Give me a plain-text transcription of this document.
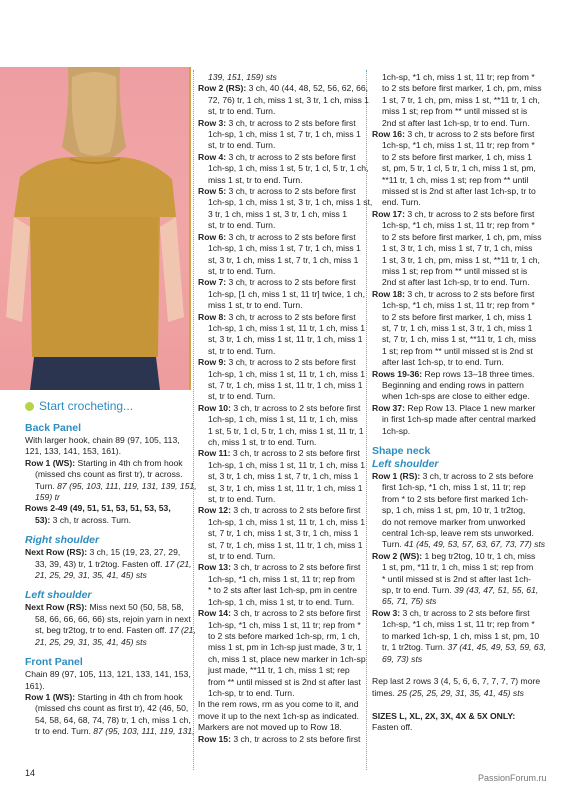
Start crocheting...
Back Panel
With larger hook, chain 89 (97, 105, 113,
121, 133, 141, 153, 161).
Row 1 (WS): Starting in 4th ch from hook
(missed chs count as first tr), tr across.
Turn. 87 (95, 103, 111, 119, 131, 139, 151,
159) tr
Rows 2-49 (49, 51, 51, 53, 51, 53, 53,
53): 3 ch, tr across. Turn.
Right shoulder
Next Row (RS): 3 ch, 15 (19, 23, 27, 29,
33, 39, 43) tr, 1 tr2tog. Fasten off. 17 (21,
21, 25, 29, 31, 35, 41, 45) sts
Left shoulder
Next Row (RS): Miss next 50 (50, 58, 58,
58, 66, 66, 66, 66) sts, rejoin yarn in next
st, beg tr2tog, tr to end. Fasten off. 17 (21,
21, 25, 29, 31, 35, 41, 45) sts
Front Panel
Chain 89 (97, 105, 113, 121, 133, 141, 153,
161).
Row 1 (WS): Starting in 4th ch from hook
(missed chs count as first tr), 42 (46, 50,
54, 58, 64, 68, 74, 78) tr, 1 ch, miss 1 ch,
tr to end. Turn. 87 (95, 103, 111, 119, 131,
139, 151, 159) sts
Row 2 (RS): 3 ch, 40 (44, 48, 52, 56, 62, 66,
72, 76) tr, 1 ch, miss 1 st, 3 tr, 1 ch, miss 1
st, tr to end. Turn.
Row 3: 3 ch, tr across to 2 sts before first
1ch-sp, 1 ch, miss 1 st, 7 tr, 1 ch, miss 1
st, tr to end. Turn.
Row 4: 3 ch, tr across to 2 sts before first
1ch-sp, 1 ch, miss 1 st, 5 tr, 1 cl, 5 tr, 1 ch,
miss 1 st, tr to end. Turn.
Row 5: 3 ch, tr across to 2 sts before first
1ch-sp, 1 ch, miss 1 st, 3 tr, 1 ch, miss 1 st,
3 tr, 1 ch, miss 1 st, 3 tr, 1 ch, miss 1
st, tr to end. Turn.
Row 6: 3 ch, tr across to 2 sts before first
1ch-sp, 1 ch, miss 1 st, 7 tr, 1 ch, miss 1
st, 3 tr, 1 ch, miss 1 st, 7 tr, 1 ch, miss 1
st, tr to end. Turn.
Row 7: 3 ch, tr across to 2 sts before first
1ch-sp, [1 ch, miss 1 st, 11 tr] twice, 1 ch,
miss 1 st, tr to end. Turn.
Row 8: 3 ch, tr across to 2 sts before first
1ch-sp, 1 ch, miss 1 st, 11 tr, 1 ch, miss 1
st, 3 tr, 1 ch, miss 1 st, 11 tr, 1 ch, miss 1
st, tr to end. Turn.
Row 9: 3 ch, tr across to 2 sts before first
1ch-sp, 1 ch, miss 1 st, 11 tr, 1 ch, miss 1
st, 7 tr, 1 ch, miss 1 st, 11 tr, 1 ch, miss 1
st, tr to end. Turn.
Row 10: 3 ch, tr across to 2 sts before first
1ch-sp, 1 ch, miss 1 st, 11 tr, 1 ch, miss
1 st, 5 tr, 1 cl, 5 tr, 1 ch, miss 1 st, 11 tr, 1
ch, miss 1 st, tr to end. Turn.
Row 11: 3 ch, tr across to 2 sts before first
1ch-sp, 1 ch, miss 1 st, 11 tr, 1 ch, miss 1
st, 3 tr, 1 ch, miss 1 st, 7 tr, 1 ch, miss 1
st, 3 tr, 1 ch, miss 1 st, 11 tr, 1 ch, miss 1
st, tr to end. Turn.
Row 12: 3 ch, tr across to 2 sts before first
1ch-sp, 1 ch, miss 1 st, 11 tr, 1 ch, miss 1
st, 7 tr, 1 ch, miss 1 st, 3 tr, 1 ch, miss 1
st, 7 tr, 1 ch, miss 1 st, 11 tr, 1 ch, miss 1
st, tr to end. Turn.
Row 13: 3 ch, tr across to 2 sts before first
1ch-sp, *1 ch, miss 1 st, 11 tr; rep from
* to 2 sts after last 1ch-sp, pm in centre
1ch-sp, 1 ch, miss 1 st, tr to end. Turn.
Row 14: 3 ch, tr across to 2 sts before first
1ch-sp, *1 ch, miss 1 st, 11 tr; rep from *
to 2 sts before marked 1ch-sp, rm, 1 ch,
miss 1 st, pm in 1ch-sp just made, 3 tr, 1
ch, miss 1 st, place new marker in 1ch-sp
just made, **11 tr, 1 ch, miss 1 st; rep
from ** until missed st is 2nd st after last
1ch-sp, tr to end. Turn.
In the rem rows, rm as you come to it, and
move it up to the next 1ch-sp as indicated.
Markers are not moved up to Row 18.
Row 15: 3 ch, tr across to 2 sts before first
1ch-sp, *1 ch, miss 1 st, 11 tr; rep from *
to 2 sts before first marker, 1 ch, pm, miss
1 st, 7 tr, 1 ch, pm, miss 1 st, **11 tr, 1 ch,
miss 1 st; rep from ** until missed st is
2nd st after last 1ch-sp, tr to end. Turn.
Row 16: 3 ch, tr across to 2 sts before first
1ch-sp, *1 ch, miss 1 st, 11 tr; rep from *
to 2 sts before first marker, 1 ch, miss 1
st, pm, 5 tr, 1 cl, 5 tr, 1 ch, miss 1 st, pm,
**11 tr, 1 ch, miss 1 st; rep from ** until
missed st is 2nd st after last 1ch-sp, tr to
end. Turn.
Row 17: 3 ch, tr across to 2 sts before first
1ch-sp, *1 ch, miss 1 st, 11 tr; rep from *
to 2 sts before first marker, 1 ch, pm, miss
1 st, 3 tr, 1 ch, miss 1 st, 7 tr, 1 ch, miss
1 st, 3 tr, 1 ch, pm, miss 1 st, **11 tr, 1 ch,
miss 1 st; rep from ** until missed st is
2nd st after last 1ch-sp, tr to end. Turn.
Row 18: 3 ch, tr across to 2 sts before first
1ch-sp, *1 ch, miss 1 st, 11 tr; rep from *
to 2 sts before first marker, 1 ch, miss 1
st, 7 tr, 1 ch, miss 1 st, 3 tr, 1 ch, miss 1
st, 7 tr, 1 ch, miss 1 st, **11 tr, 1 ch, miss
1 st; rep from ** until missed st is 2nd st
after last 1ch-sp, tr to end. Turn.
Rows 19-36: Rep rows 13–18 three times.
Beginning and ending rows in pattern
when 1ch-sps are close to either edge.
Row 37: Rep Row 13. Place 1 new marker
in first 1ch-sp made after central marked
1ch-sp.
Shape neck
Left shoulder
Row 1 (RS): 3 ch, tr across to 2 sts before
first 1ch-sp, *1 ch, miss 1 st, 11 tr; rep
from * to 2 sts before first marked 1ch-
sp, 1 ch, miss 1 st, pm, 10 tr, 1 tr2tog,
do not remove marker from unworked
central 1ch-sp, leave rem sts unworked.
Turn. 41 (45, 49, 53, 57, 63, 67, 73, 77) sts
Row 2 (WS): 1 beg tr2tog, 10 tr, 1 ch, miss
1 st, pm, *11 tr, 1 ch, miss 1 st; rep from
* until missed st is 2nd st after last 1ch-
sp, tr to end. Turn. 39 (43, 47, 51, 55, 61,
65, 71, 75) sts
Row 3: 3 ch, tr across to 2 sts before first
1ch-sp, *1 ch, miss 1 st, 11 tr; rep from *
to marked 1ch-sp, 1 ch, miss 1 st, pm, 10
tr, 1 tr2tog. Turn. 37 (41, 45, 49, 53, 59, 63,
69, 73) sts

Rep last 2 rows 3 (4, 5, 6, 6, 7, 7, 7, 7) more
times. 25 (25, 25, 29, 31, 35, 41, 45) sts

SIZES L, XL, 2X, 3X, 4X & 5X ONLY:
Fasten off.
14	PassionForum.ru
